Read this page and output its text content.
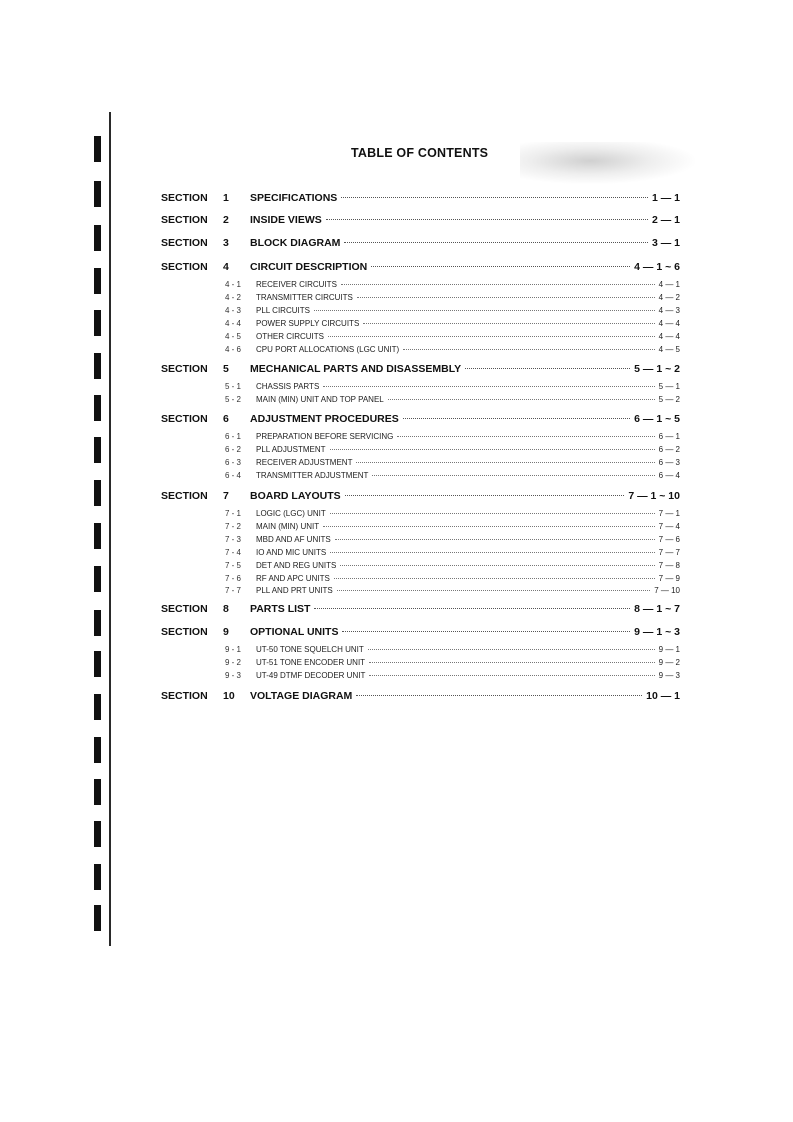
TABLE OF CONTENTS
SECTION 1 SPECIFICATIONS	1 — 1
SECTION 2 INSIDE VIEWS	2 — 1
SECTION 3 BLOCK DIAGRAM	3 — 1
SECTION 4 CIRCUIT DESCRIPTION	4 — 1 ~ 6
4 - 1 RECEIVER CIRCUITS	4 — 1
4 - 2 TRANSMITTER CIRCUITS	4 — 2
4 - 3 PLL CIRCUITS	4 — 3
4 - 4 POWER SUPPLY CIRCUITS	4 — 4
4 - 5 OTHER CIRCUITS	4 — 4
4 - 6 CPU PORT ALLOCATIONS (LGC UNIT)	4 — 5
SECTION 5 MECHANICAL PARTS AND DISASSEMBLY	5 — 1 ~ 2
5 - 1 CHASSIS PARTS	5 — 1
5 - 2 MAIN (MIN) UNIT AND TOP PANEL	5 — 2
SECTION 6 ADJUSTMENT PROCEDURES	6 — 1 ~ 5
6 - 1 PREPARATION BEFORE SERVICING	6 — 1
6 - 2 PLL ADJUSTMENT	6 — 2
6 - 3 RECEIVER ADJUSTMENT	6 — 3
6 - 4 TRANSMITTER ADJUSTMENT	6 — 4
SECTION 7 BOARD LAYOUTS	7 — 1 ~ 10
7 - 1 LOGIC (LGC) UNIT	7 — 1
7 - 2 MAIN (MIN) UNIT	7 — 4
7 - 3 MBD AND AF UNITS	7 — 6
7 - 4 IO AND MIC UNITS	7 — 7
7 - 5 DET AND REG UNITS	7 — 8
7 - 6 RF AND APC UNITS	7 — 9
7 - 7 PLL AND PRT UNITS	7 — 10
SECTION 8 PARTS LIST	8 — 1 ~ 7
SECTION 9 OPTIONAL UNITS	9 — 1 ~ 3
9 - 1 UT-50 TONE SQUELCH UNIT	9 — 1
9 - 2 UT-51 TONE ENCODER UNIT	9 — 2
9 - 3 UT-49 DTMF DECODER UNIT	9 — 3
SECTION 10 VOLTAGE DIAGRAM	10 — 1
